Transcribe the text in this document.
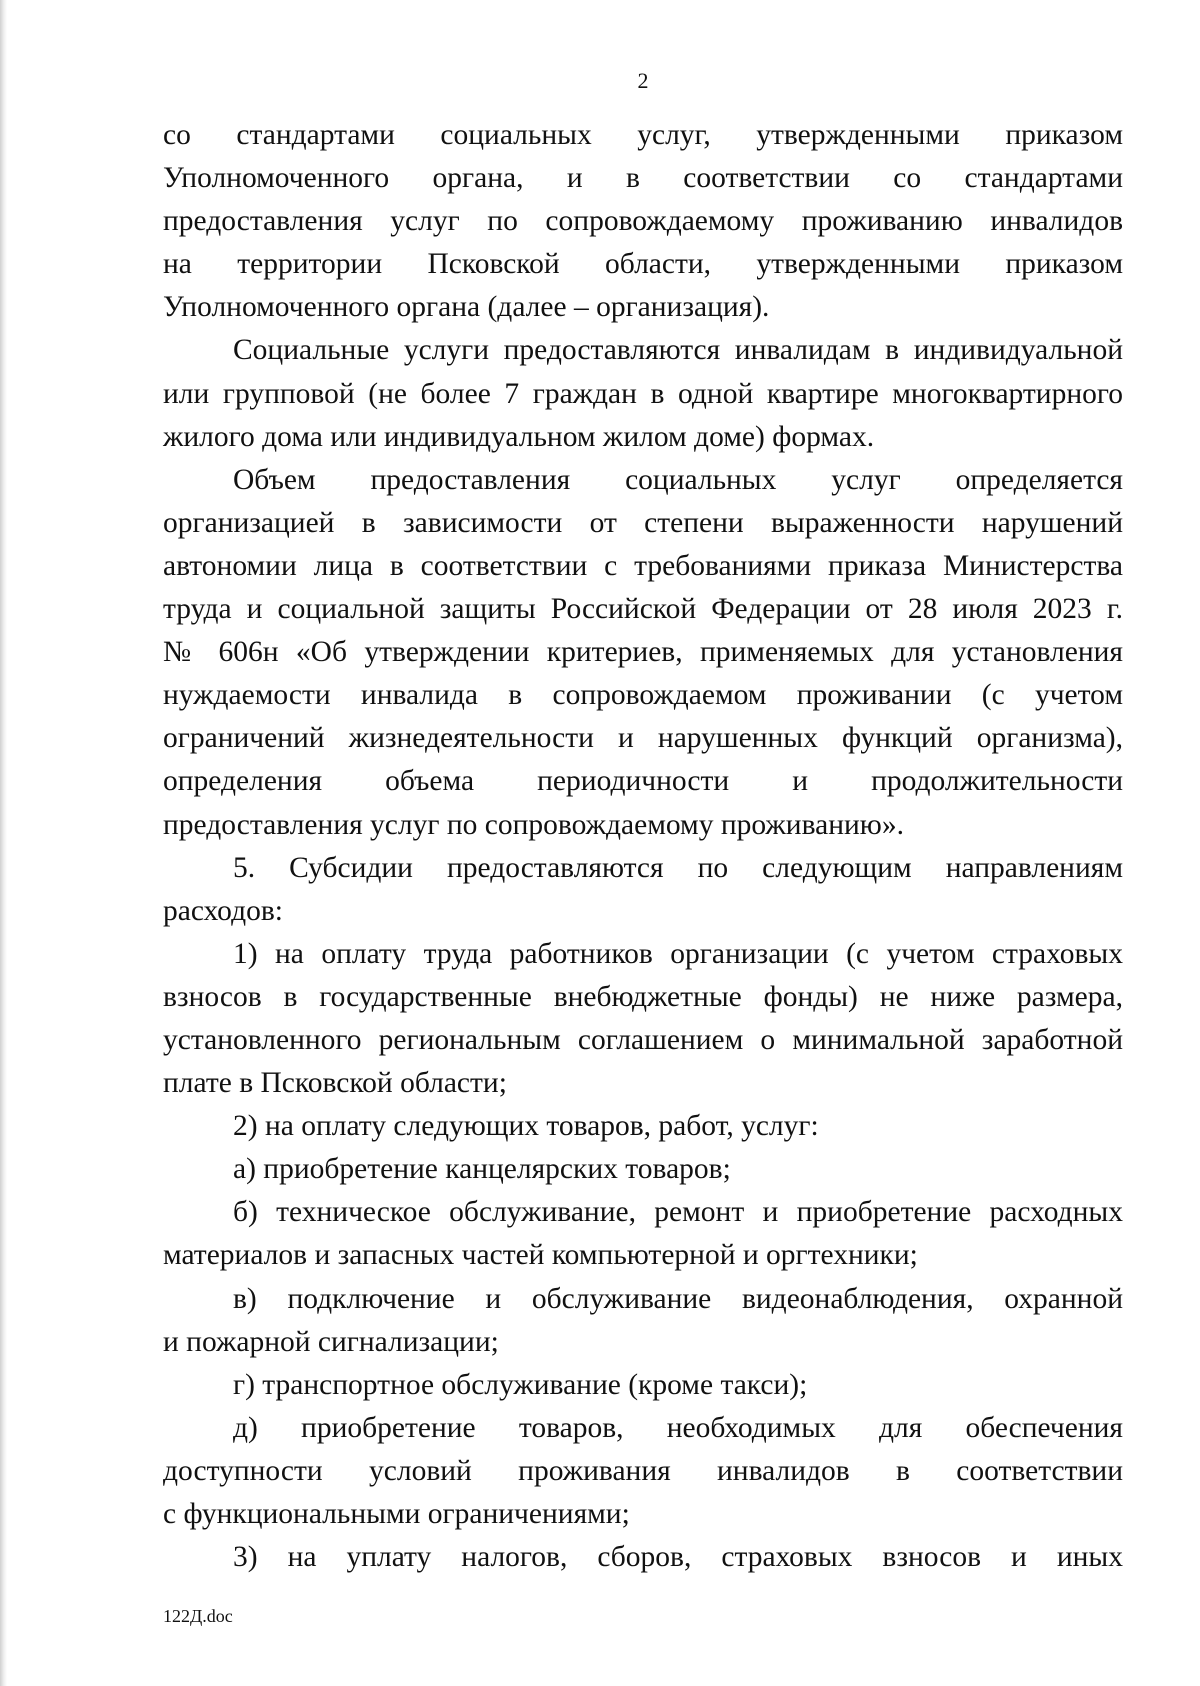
2
со стандартами социальных услуг, утвержденными приказом
Уполномоченного органа, и в соответствии со стандартами
предоставления услуг по сопровождаемому проживанию инвалидов
на территории Псковской области, утвержденными приказом
Уполномоченного органа (далее – организация).
Социальные услуги предоставляются инвалидам в индивидуальной
или групповой (не более 7 граждан в одной квартире многоквартирного
жилого дома или индивидуальном жилом доме) формах.
Объем предоставления социальных услуг определяется
организацией в зависимости от степени выраженности нарушений
автономии лица в соответствии с требованиями приказа Министерства
труда и социальной защиты Российской Федерации от 28 июля 2023 г.
№ 606н «Об утверждении критериев, применяемых для установления
нуждаемости инвалида в сопровождаемом проживании (с учетом
ограничений жизнедеятельности и нарушенных функций организма),
определения объема периодичности и продолжительности
предоставления услуг по сопровождаемому проживанию».
5. Субсидии предоставляются по следующим направлениям
расходов:
1) на оплату труда работников организации (с учетом страховых
взносов в государственные внебюджетные фонды) не ниже размера,
установленного региональным соглашением о минимальной заработной
плате в Псковской области;
2) на оплату следующих товаров, работ, услуг:
а) приобретение канцелярских товаров;
б) техническое обслуживание, ремонт и приобретение расходных
материалов и запасных частей компьютерной и оргтехники;
в) подключение и обслуживание видеонаблюдения, охранной
и пожарной сигнализации;
г) транспортное обслуживание (кроме такси);
д) приобретение товаров, необходимых для обеспечения
доступности условий проживания инвалидов в соответствии
с функциональными ограничениями;
3) на уплату налогов, сборов, страховых взносов и иных
122Д.doc
